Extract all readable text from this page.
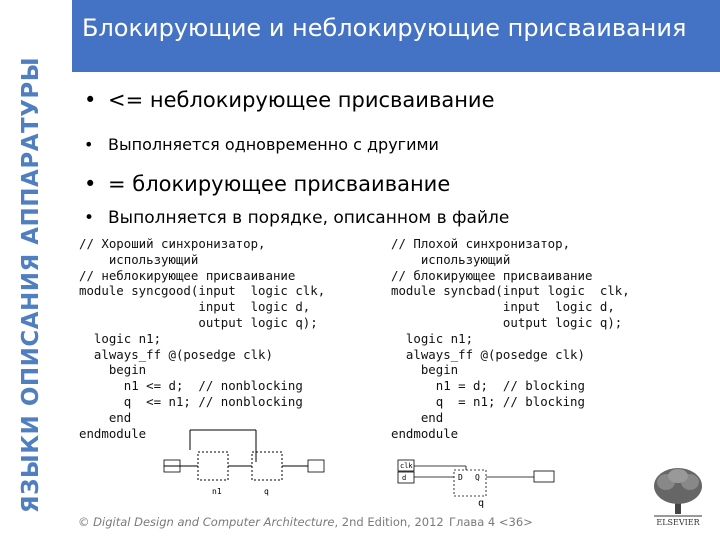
ЯЗЫКИ ОПИСАНИЯ АППАРАТУРЫ
Блокирующие и неблокирующие присваивания
• <= неблокирующее присваивание
• Выполняется одновременно с другими
• = блокирующее присваивание
• Выполняется в порядке, описанном в файле
// Хороший синхронизатор,
использующий
// неблокирующее присваивание
module syncgood(input  logic clk,
input  logic d,
output logic q);
logic n1;
always_ff @(posedge clk)
begin
n1 <= d;  // nonblocking
q  <= n1; // nonblocking
end
endmodule
// Плохой синхронизатор,
использующий
// блокирующее присваивание
module syncbad(input logic  clk,
input  logic d,
output logic q);
logic n1;
always_ff @(posedge clk)
begin
n1 = d;  // blocking
q  = n1; // blocking
end
endmodule
n1	q
clk
d	D Q
q
© Digital Design and Computer Architecture, 2nd Edition, 2012 Глава 4 <36>	ELSEVIER
